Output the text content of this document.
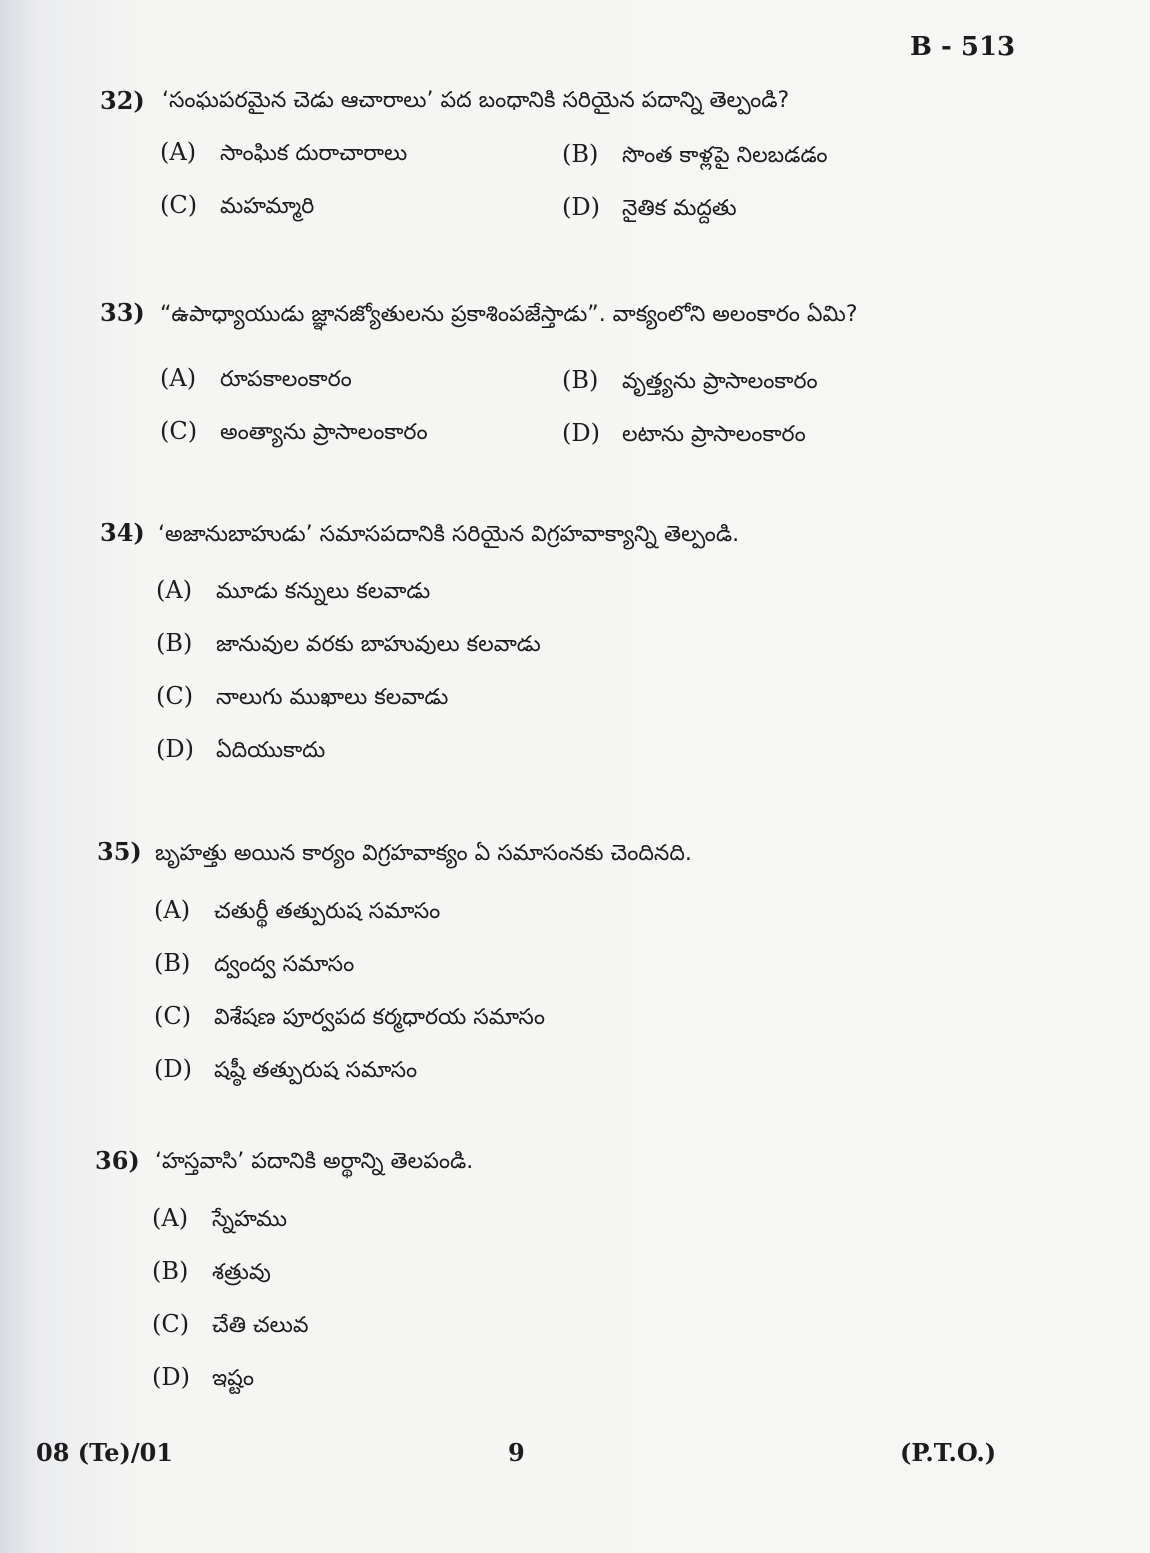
B - 513
32) ‘సంఘపరమైన చెడు ఆచారాలు’ పద బంధానికి సరియైన పదాన్ని తెల్పండి?
(A) సాంఘిక దురాచారాలు	(B) సొంత కాళ్లపై నిలబడడం
(C) మహమ్మారి	(D) నైతిక మద్దతు
33) “ఉపాధ్యాయుడు జ్ఞానజ్యోతులను ప్రకాశింపజేస్తాడు”. వాక్యంలోని అలంకారం ఏమి?
(A) రూపకాలంకారం	(B) వృత్త్యను ప్రాసాలంకారం
(C) అంత్యాను ప్రాసాలంకారం	(D) లటాను ప్రాసాలంకారం
34) ‘అజానుబాహుడు’ సమాసపదానికి సరియైన విగ్రహవాక్యాన్ని తెల్పండి.
(A) మూడు కన్నులు కలవాడు
(B) జానువుల వరకు బాహువులు కలవాడు
(C) నాలుగు ముఖాలు కలవాడు
(D) ఏదియుకాదు
35) బృహత్తు అయిన కార్యం విగ్రహవాక్యం ఏ సమాసంనకు చెందినది.
(A) చతుర్థీ తత్పురుష సమాసం
(B) ద్వంద్వ సమాసం
(C) విశేషణ పూర్వపద కర్మధారయ సమాసం
(D) షష్ఠీ తత్పురుష సమాసం
36) ‘హస్తవాసి’ పదానికి అర్థాన్ని తెలపండి.
(A) స్నేహము
(B) శత్రువు
(C) చేతి చలువ
(D) ఇష్టం
08 (Te)/01	9	(P.T.O.)
